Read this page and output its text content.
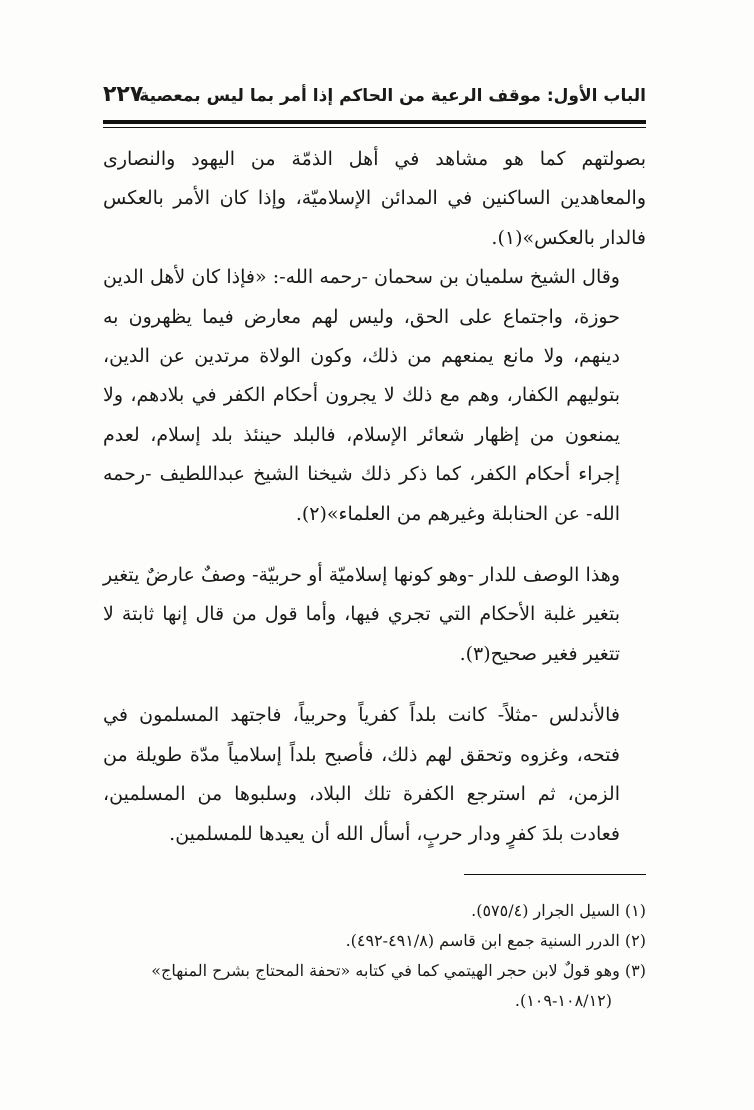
الباب الأول: موقف الرعية من الحاكم إذا أمر بما ليس بمعصية
٢٢٧

بصولتهم كما هو مشاهد في أهل الذمّة من اليهود والنصارى والمعاهدين الساكنين في المدائن الإسلاميّة، وإذا كان الأمر بالعكس فالدار بالعكس»(١).

وقال الشيخ سلميان بن سحمان -رحمه الله-: «فإذا كان لأهل الدين حوزة، واجتماع على الحق، وليس لهم معارض فيما يظهرون به دينهم، ولا مانع يمنعهم من ذلك، وكون الولاة مرتدين عن الدين، بتوليهم الكفار، وهم مع ذلك لا يجرون أحكام الكفر في بلادهم، ولا يمنعون من إظهار شعائر الإسلام، فالبلد حينئذ بلد إسلام، لعدم إجراء أحكام الكفر، كما ذكر ذلك شيخنا الشيخ عبداللطيف -رحمه الله- عن الحنابلة وغيرهم من العلماء»(٢).

وهذا الوصف للدار -وهو كونها إسلاميّة أو حربيّة- وصفٌ عارضٌ يتغير بتغير غلبة الأحكام التي تجري فيها، وأما قول من قال إنها ثابتة لا تتغير فغير صحيح(٣).

فالأندلس -مثلاً- كانت بلداً كفرياً وحربياً، فاجتهد المسلمون في فتحه، وغزوه وتحقق لهم ذلك، فأصبح بلداً إسلامياً مدّة طويلة من الزمن، ثم استرجع الكفرة تلك البلاد، وسلبوها من المسلمين، فعادت بلدَ كفرٍ ودار حربٍ، أسأل الله أن يعيدها للمسلمين.

(١) السيل الجرار (٥٧٥/٤).

(٢) الدرر السنية جمع ابن قاسم (٤٩١/٨-٤٩٢).

(٣) وهو قولٌ لابن حجر الهيتمي كما في كتابه «تحفة المحتاج بشرح المنهاج»

(١٠٨/١٢-١٠٩).
